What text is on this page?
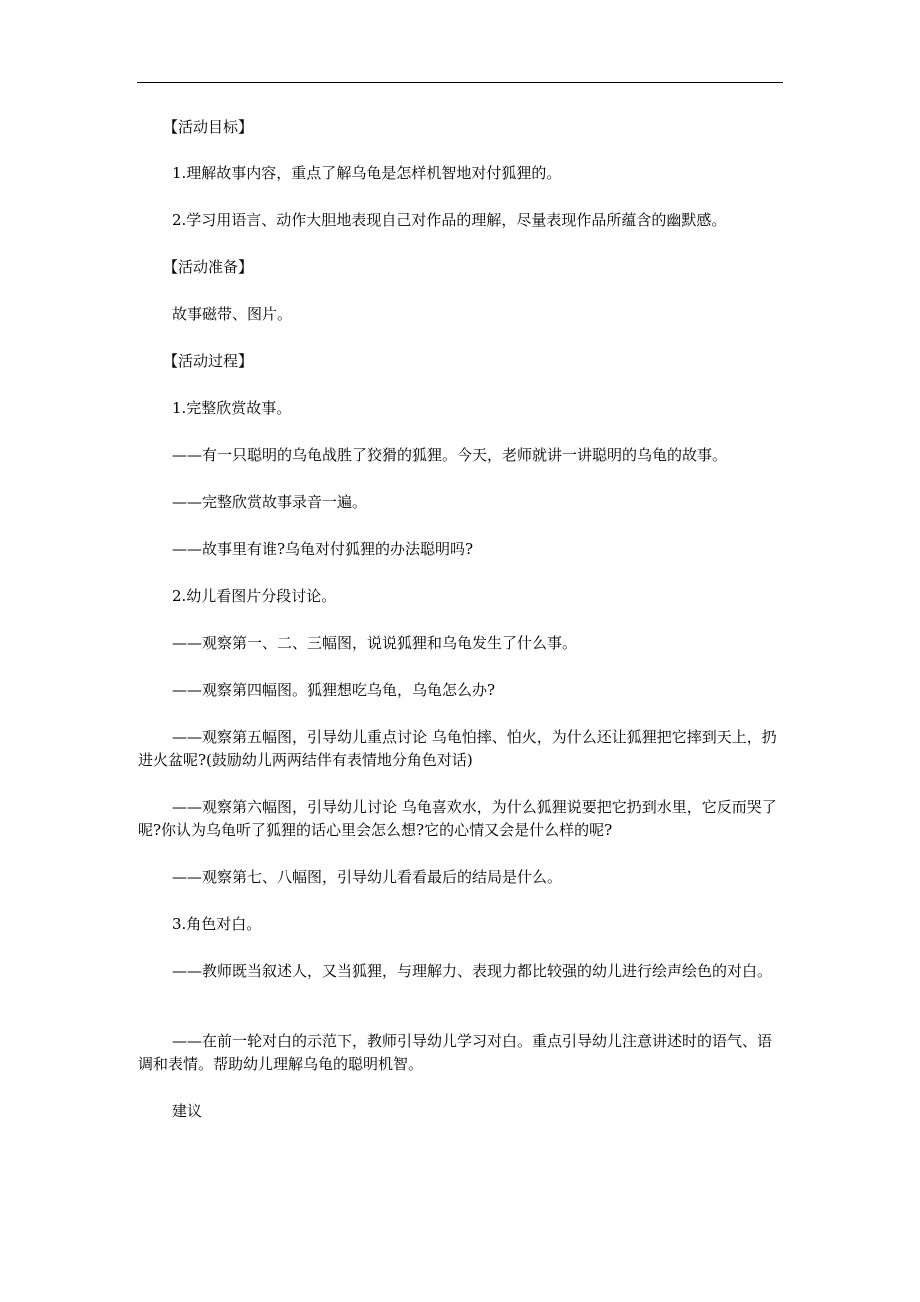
【活动目标】

1.理解故事内容，重点了解乌龟是怎样机智地对付狐狸的。

2.学习用语言、动作大胆地表现自己对作品的理解，尽量表现作品所蕴含的幽默感。

【活动准备】

故事磁带、图片。

【活动过程】

1.完整欣赏故事。

——有一只聪明的乌龟战胜了狡猾的狐狸。今天，老师就讲一讲聪明的乌龟的故事。

——完整欣赏故事录音一遍。

——故事里有谁?乌龟对付狐狸的办法聪明吗?

2.幼儿看图片分段讨论。

——观察第一、二、三幅图，说说狐狸和乌龟发生了什么事。

——观察第四幅图。狐狸想吃乌龟，乌龟怎么办?

——观察第五幅图，引导幼儿重点讨论 乌龟怕摔、怕火，为什么还让狐狸把它摔到天上，扔进火盆呢?(鼓励幼儿两两结伴有表情地分角色对话)

——观察第六幅图，引导幼儿讨论 乌龟喜欢水，为什么狐狸说要把它扔到水里，它反而哭了呢?你认为乌龟听了狐狸的话心里会怎么想?它的心情又会是什么样的呢?

——观察第七、八幅图，引导幼儿看看最后的结局是什么。

3.角色对白。

——教师既当叙述人，又当狐狸，与理解力、表现力都比较强的幼儿进行绘声绘色的对白。

——在前一轮对白的示范下，教师引导幼儿学习对白。重点引导幼儿注意讲述时的语气、语调和表情。帮助幼儿理解乌龟的聪明机智。

建议
